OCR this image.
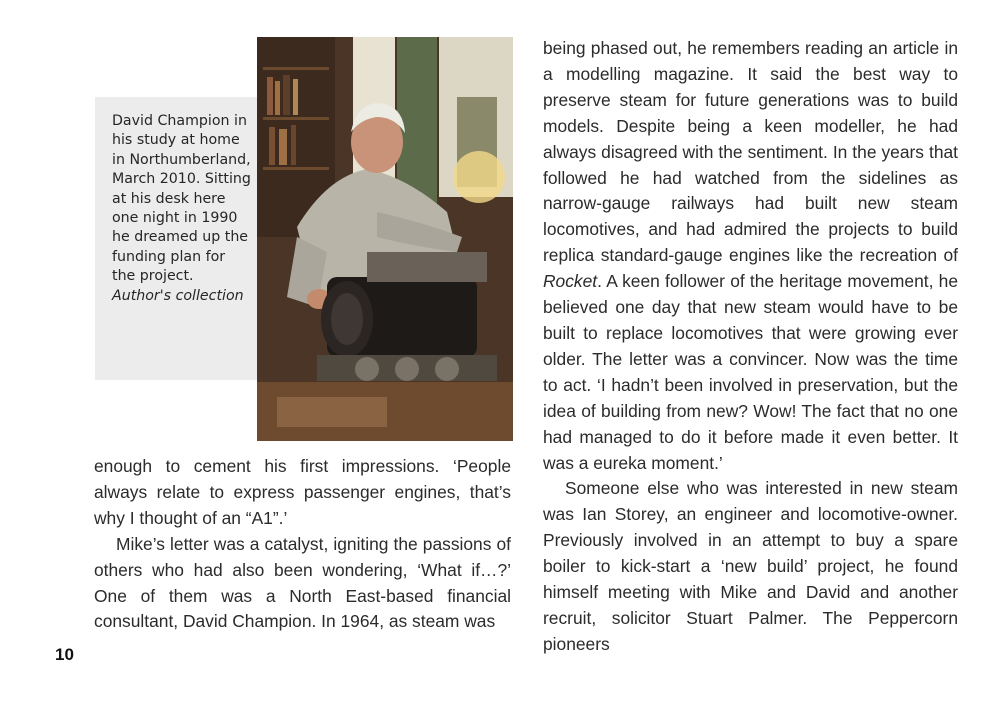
David Champion in his study at home in Northumberland, March 2010. Sitting at his desk here one night in 1990 he dreamed up the funding plan for the project. Author's collection

enough to cement his first impressions. ‘People always relate to express passenger engines, that’s why I thought of an “A1”.’

Mike’s letter was a catalyst, igniting the passions of others who had also been wondering, ‘What if…?’ One of them was a North East-based financial consultant, David Champion. In 1964, as steam was

being phased out, he remembers reading an article in a modelling magazine. It said the best way to preserve steam for future generations was to build models. Despite being a keen modeller, he had always disagreed with the sentiment. In the years that followed he had watched from the sidelines as narrow-gauge railways had built new steam locomotives, and had admired the projects to build replica standard-gauge engines like the recreation of Rocket. A keen follower of the heritage movement, he believed one day that new steam would have to be built to replace locomotives that were growing ever older. The letter was a convincer. Now was the time to act. ‘I hadn’t been involved in preservation, but the idea of building from new? Wow! The fact that no one had managed to do it before made it even better. It was a eureka moment.’

Someone else who was interested in new steam was Ian Storey, an engineer and locomotive-owner. Previously involved in an attempt to buy a spare boiler to kick-start a ‘new build’ project, he found himself meeting with Mike and David and another recruit, solicitor Stuart Palmer. The Peppercorn pioneers

10
